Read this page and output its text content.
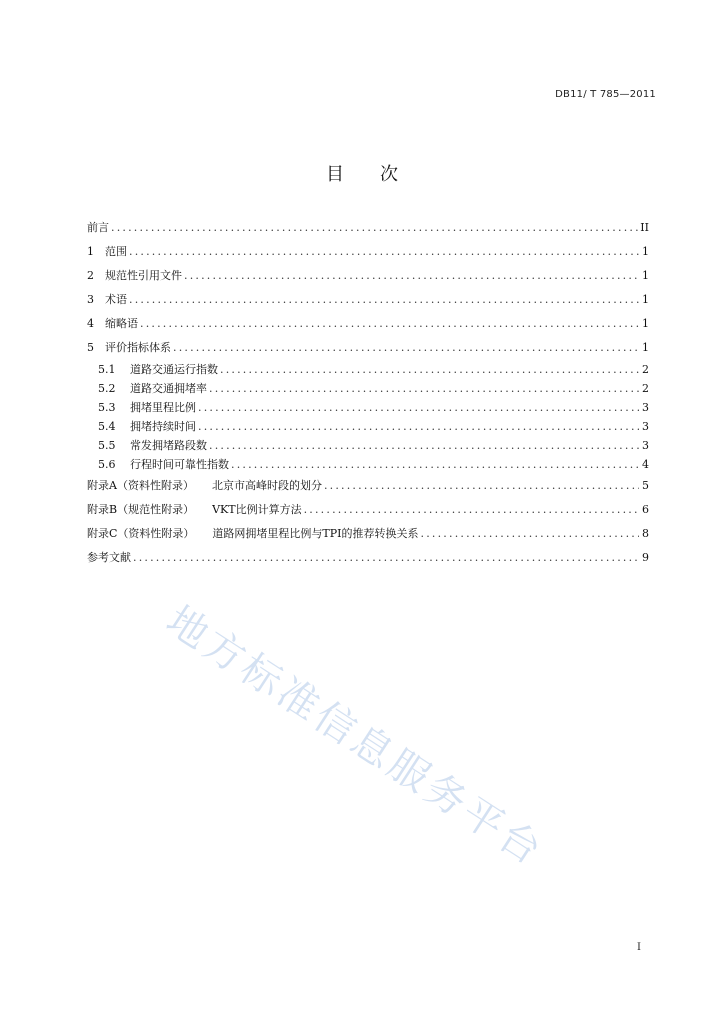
DB11/ T 785—2011
目 次
前言 .....	II
1	范围 .....	1
2	规范性引用文件 .....	1
3	术语 .....	1
4	缩略语 .....	1
5	评价指标体系 .....	1
5.1	道路交通运行指数 .....	2
5.2	道路交通拥堵率 .....	2
5.3	拥堵里程比例 .....	3
5.4	拥堵持续时间 .....	3
5.5	常发拥堵路段数 .....	3
5.6	行程时间可靠性指数 .....	4
附录A（资料性附录） 北京市高峰时段的划分 .....	5
附录B（规范性附录） VKT比例计算方法 .....	6
附录C（资料性附录） 道路网拥堵里程比例与TPI的推荐转换关系 .....	8
参考文献 .....	9
地方标准信息服务平台
I
